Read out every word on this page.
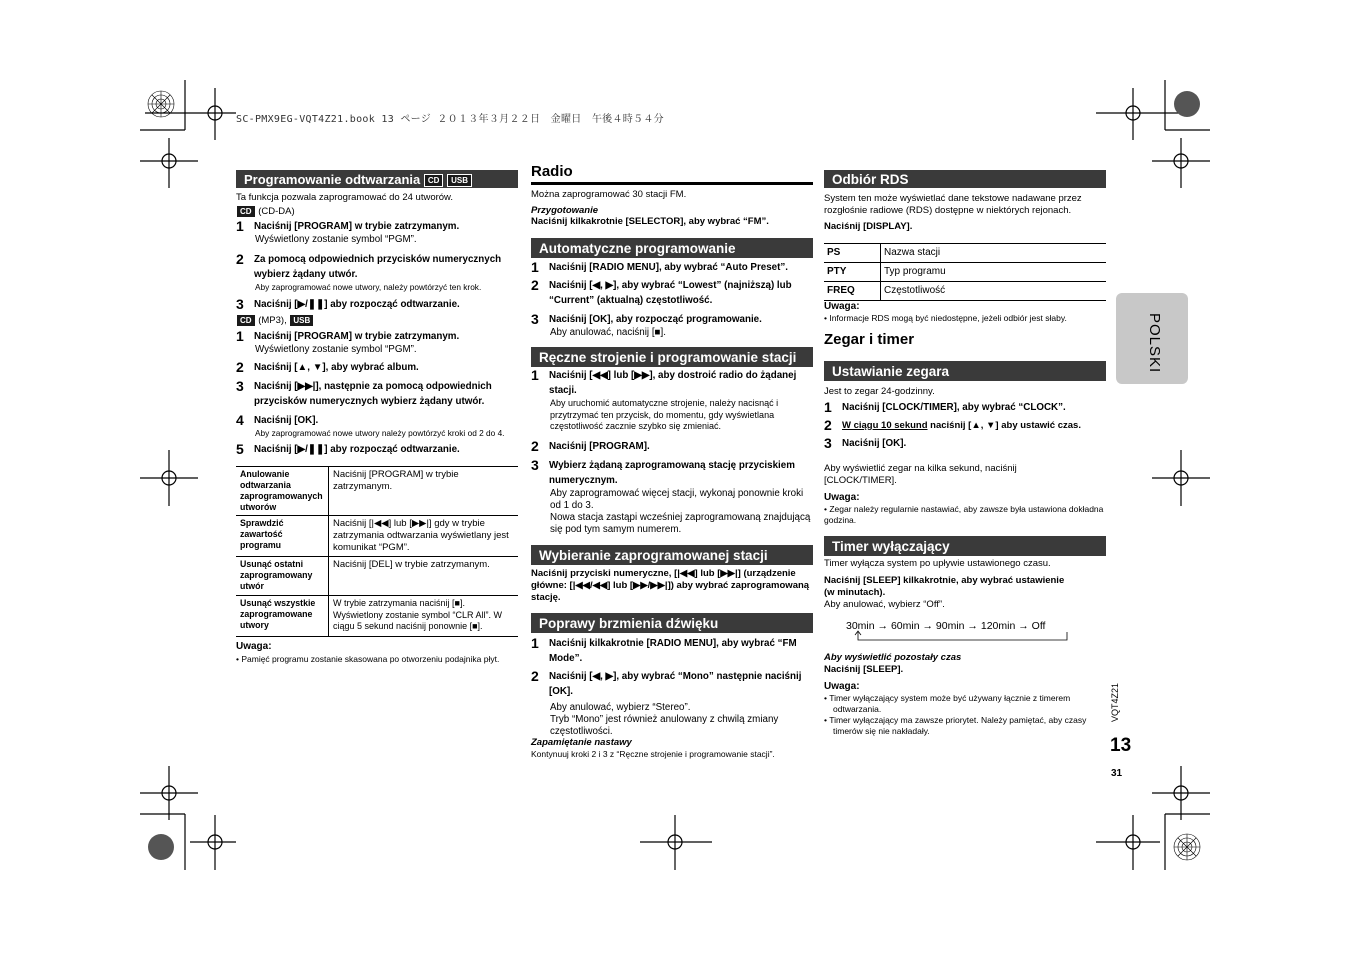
SC-PMX9EG-VQT4Z21.book 13 ページ ２０１３年３月２２日　金曜日　午後４時５４分
Programowanie odtwarzania CD USB
Ta funkcja pozwala zaprogramować do 24 utworów.
CD (CD-DA)
1	Naciśnij [PROGRAM] w trybie zatrzymanym.
Wyświetlony zostanie symbol “PGM”.
2	Za pomocą odpowiednich przycisków numerycznych wybierz żądany utwór.
Aby zaprogramować nowe utwory, należy powtórzyć ten krok.
3	Naciśnij [▶/❚❚] aby rozpocząć odtwarzanie.
CD (MP3), USB
1	Naciśnij [PROGRAM] w trybie zatrzymanym.
Wyświetlony zostanie symbol “PGM”.
2	Naciśnij [▲, ▼], aby wybrać album.
3	Naciśnij [▶▶|], następnie za pomocą odpowiednich przycisków numerycznych wybierz żądany utwór.
4	Naciśnij [OK].
Aby zaprogramować nowe utwory należy powtórzyć kroki od 2 do 4.
5	Naciśnij [▶/❚❚] aby rozpocząć odtwarzanie.
Anulowanie odtwarzania zaprogramowanych utworów	Naciśnij [PROGRAM] w trybie zatrzymanym.
Sprawdzić zawartość programu	Naciśnij [|◀◀] lub [▶▶|] gdy w trybie zatrzymania odtwarzania wyświetlany jest komunikat “PGM”.
Usunąć ostatni zaprogramowany utwór	Naciśnij [DEL] w trybie zatrzymanym.
Usunąć wszystkie zaprogramowane utwory	W trybie zatrzymania naciśnij [■]. Wyświetlony zostanie symbol “CLR All”. W ciągu 5 sekund naciśnij ponownie [■].
Uwaga:
• Pamięć programu zostanie skasowana po otworzeniu podajnika płyt.
Radio
Można zaprogramować 30 stacji FM.
Przygotowanie
Naciśnij kilkakrotnie [SELECTOR], aby wybrać “FM”.
Automatyczne programowanie
1	Naciśnij [RADIO MENU], aby wybrać “Auto Preset”.
2	Naciśnij [◀, ▶], aby wybrać “Lowest” (najniższą) lub “Current” (aktualną) częstotliwość.
3	Naciśnij [OK], aby rozpocząć programowanie.
Aby anulować, naciśnij [■].
Ręczne strojenie i programowanie stacji
1	Naciśnij [◀◀] lub [▶▶], aby dostroić radio do żądanej stacji.
Aby uruchomić automatyczne strojenie, należy nacisnąć i przytrzymać ten przycisk, do momentu, gdy wyświetlana częstotliwość zacznie szybko się zmieniać.
2	Naciśnij [PROGRAM].
3	Wybierz żądaną zaprogramowaną stację przyciskiem numerycznym.
Aby zaprogramować więcej stacji, wykonaj ponownie kroki od 1 do 3.
Nowa stacja zastąpi wcześniej zaprogramowaną znajdującą się pod tym samym numerem.
Wybieranie zaprogramowanej stacji
Naciśnij przyciski numeryczne, [|◀◀] lub [▶▶|] (urządzenie główne: [|◀◀/◀◀] lub [▶▶/▶▶|]) aby wybrać zaprogramowaną stację.
Poprawy brzmienia dźwięku
1	Naciśnij kilkakrotnie [RADIO MENU], aby wybrać “FM Mode”.
2	Naciśnij [◀, ▶], aby wybrać “Mono” następnie naciśnij [OK].
Aby anulować, wybierz “Stereo”.
Tryb “Mono” jest również anulowany z chwilą zmiany częstotliwości.
Zapamiętanie nastawy
Kontynuuj kroki 2 i 3 z “Ręczne strojenie i programowanie stacji”.
Odbiór RDS
System ten może wyświetlać dane tekstowe nadawane przez rozgłośnie radiowe (RDS) dostępne w niektórych rejonach.
Naciśnij [DISPLAY].
PS	Nazwa stacji
PTY	Typ programu
FREQ	Częstotliwość
Uwaga:
• Informacje RDS mogą być niedostępne, jeżeli odbiór jest słaby.
Zegar i timer
Ustawianie zegara
Jest to zegar 24-godzinny.
1	Naciśnij [CLOCK/TIMER], aby wybrać “CLOCK”.
2	W ciągu 10 sekund naciśnij [▲, ▼] aby ustawić czas.
3	Naciśnij [OK].
Aby wyświetlić zegar na kilka sekund, naciśnij [CLOCK/TIMER].
Uwaga:
• Zegar należy regularnie nastawiać, aby zawsze była ustawiona dokładna godzina.
Timer wyłączający
Timer wyłącza system po upływie ustawionego czasu.
Naciśnij [SLEEP] kilkakrotnie, aby wybrać ustawienie (w minutach).
Aby anulować, wybierz “Off”.
30min → 60min → 90min → 120min → Off
Aby wyświetlić pozostały czas
Naciśnij [SLEEP].
Uwaga:
• Timer wyłączający system może być używany łącznie z timerem odtwarzania.
• Timer wyłączający ma zawsze priorytet. Należy pamiętać, aby czasy timerów się nie nakładały.
POLSKI
VQT4Z21
13
31
